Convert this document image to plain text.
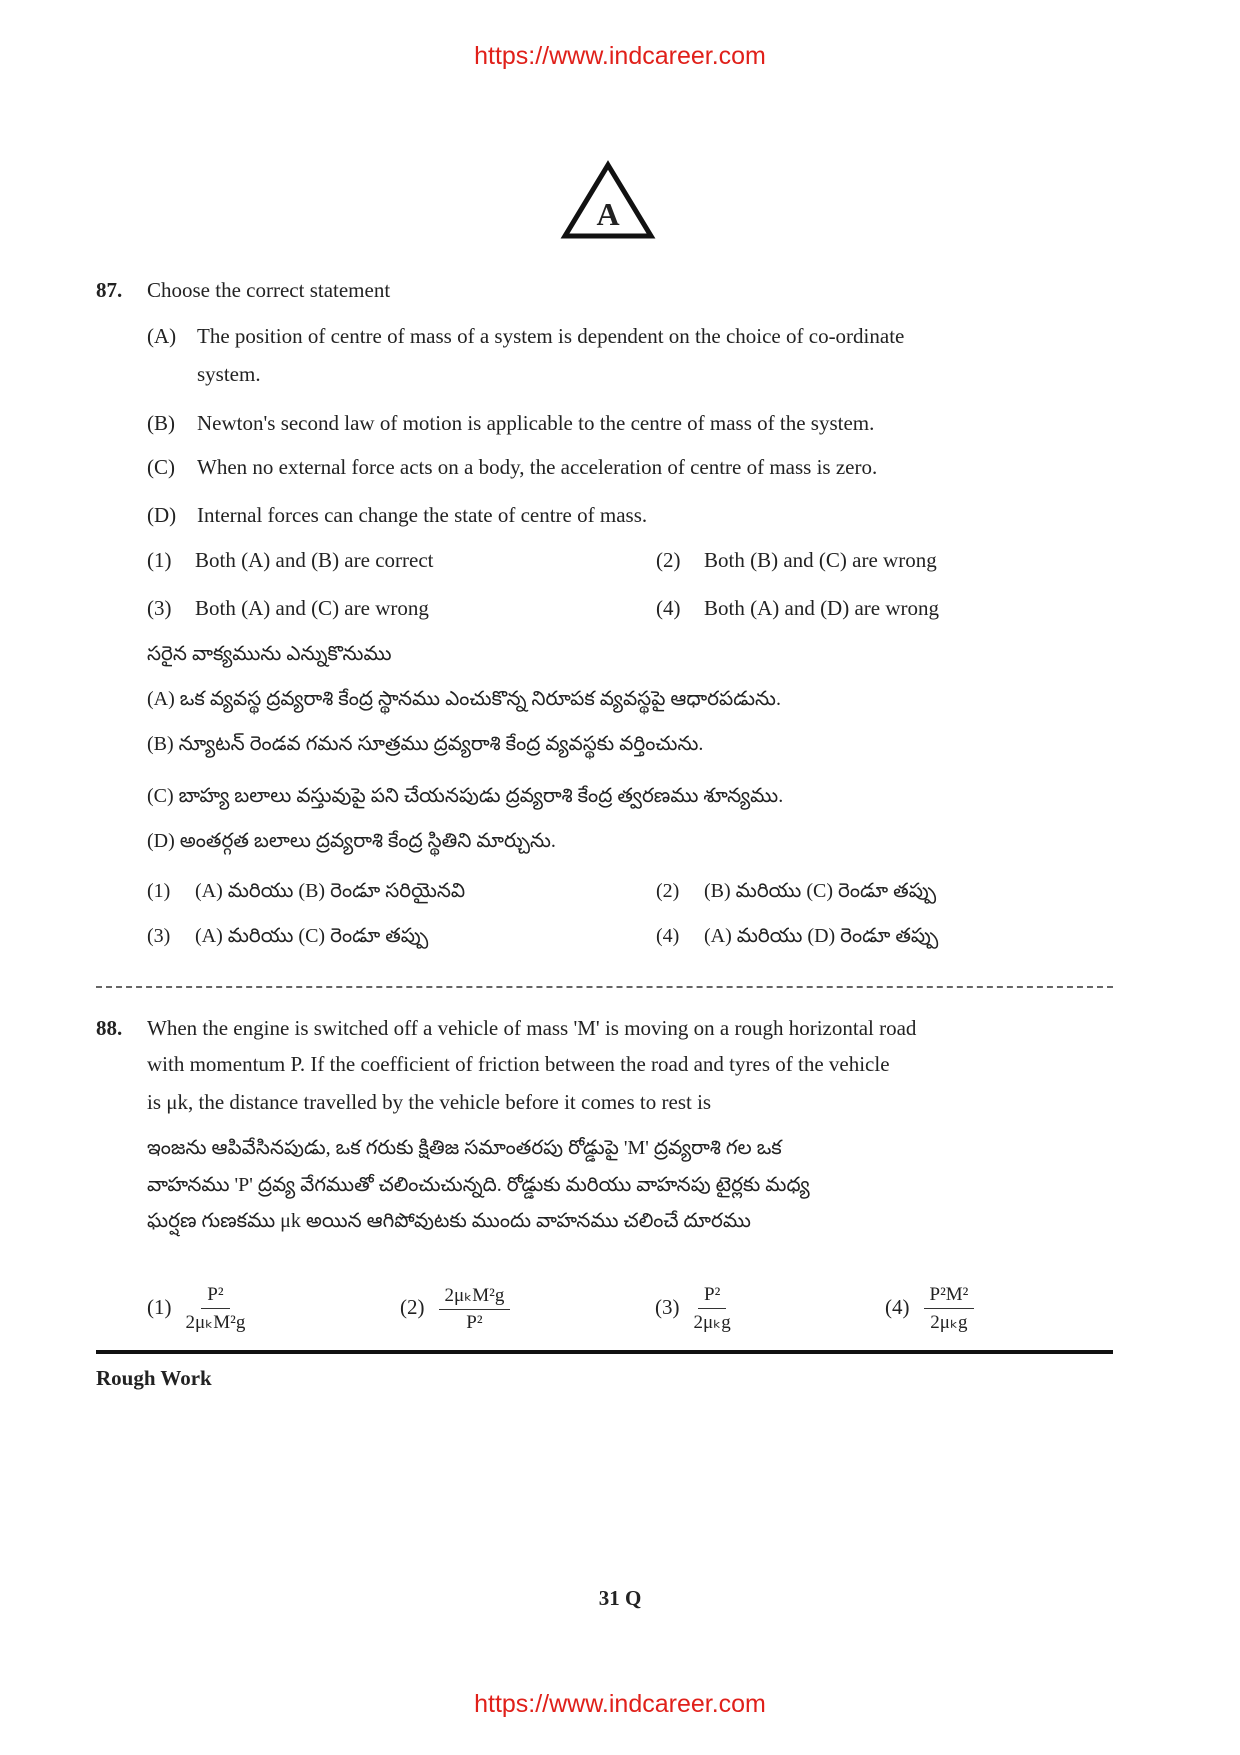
https://www.indcareer.com
A
87. Choose the correct statement
(A) The position of centre of mass of a system is dependent on the choice of co-ordinate
system.
(B) Newton's second law of motion is applicable to the centre of mass of the system.
(C) When no external force acts on a body, the acceleration of centre of mass is zero.
(D) Internal forces can change the state of centre of mass.
(1) Both (A) and (B) are correct	(2) Both (B) and (C) are wrong
(3) Both (A) and (C) are wrong	(4) Both (A) and (D) are wrong
సరైన వాక్యమును ఎన్నుకొనుము
(A) ఒక వ్యవస్థ ద్రవ్యరాశి కేంద్ర స్థానము ఎంచుకొన్న నిరూపక వ్యవస్థపై ఆధారపడును.
(B) న్యూటన్ రెండవ గమన సూత్రము ద్రవ్యరాశి కేంద్ర వ్యవస్థకు వర్తించును.
(C) బాహ్య బలాలు వస్తువుపై పని చేయనపుడు ద్రవ్యరాశి కేంద్ర త్వరణము శూన్యము.
(D) అంతర్గత బలాలు ద్రవ్యరాశి కేంద్ర స్థితిని మార్చును.
(1) (A) మరియు (B) రెండూ సరియైనవి	(2) (B) మరియు (C) రెండూ తప్పు
(3) (A) మరియు (C) రెండూ తప్పు	(4) (A) మరియు (D) రెండూ తప్పు
88. When the engine is switched off a vehicle of mass 'M' is moving on a rough horizontal road
with momentum P. If the coefficient of friction between the road and tyres of the vehicle
is μk, the distance travelled by the vehicle before it comes to rest is
ఇంజను ఆపివేసినపుడు, ఒక గరుకు క్షితిజ సమాంతరపు రోడ్డుపై 'M' ద్రవ్యరాశి గల ఒక
వాహనము 'P' ద్రవ్య వేగముతో చలించుచున్నది. రోడ్డుకు మరియు వాహనపు టైర్లకు మధ్య
ఘర్షణ గుణకము μk అయిన ఆగిపోవుటకు ముందు వాహనము చలించే దూరము
$(1) \frac{\text{P²}}{\text{2μₖM²g}}$	$(2) \frac{\text{2μₖM²g}}{\text{P²}}$	$(3) \frac{\text{P²}}{\text{2μₖg}}$	$(4) \frac{\text{P²M²}}{\text{2μₖg}}$
Rough Work
31 Q
https://www.indcareer.com
